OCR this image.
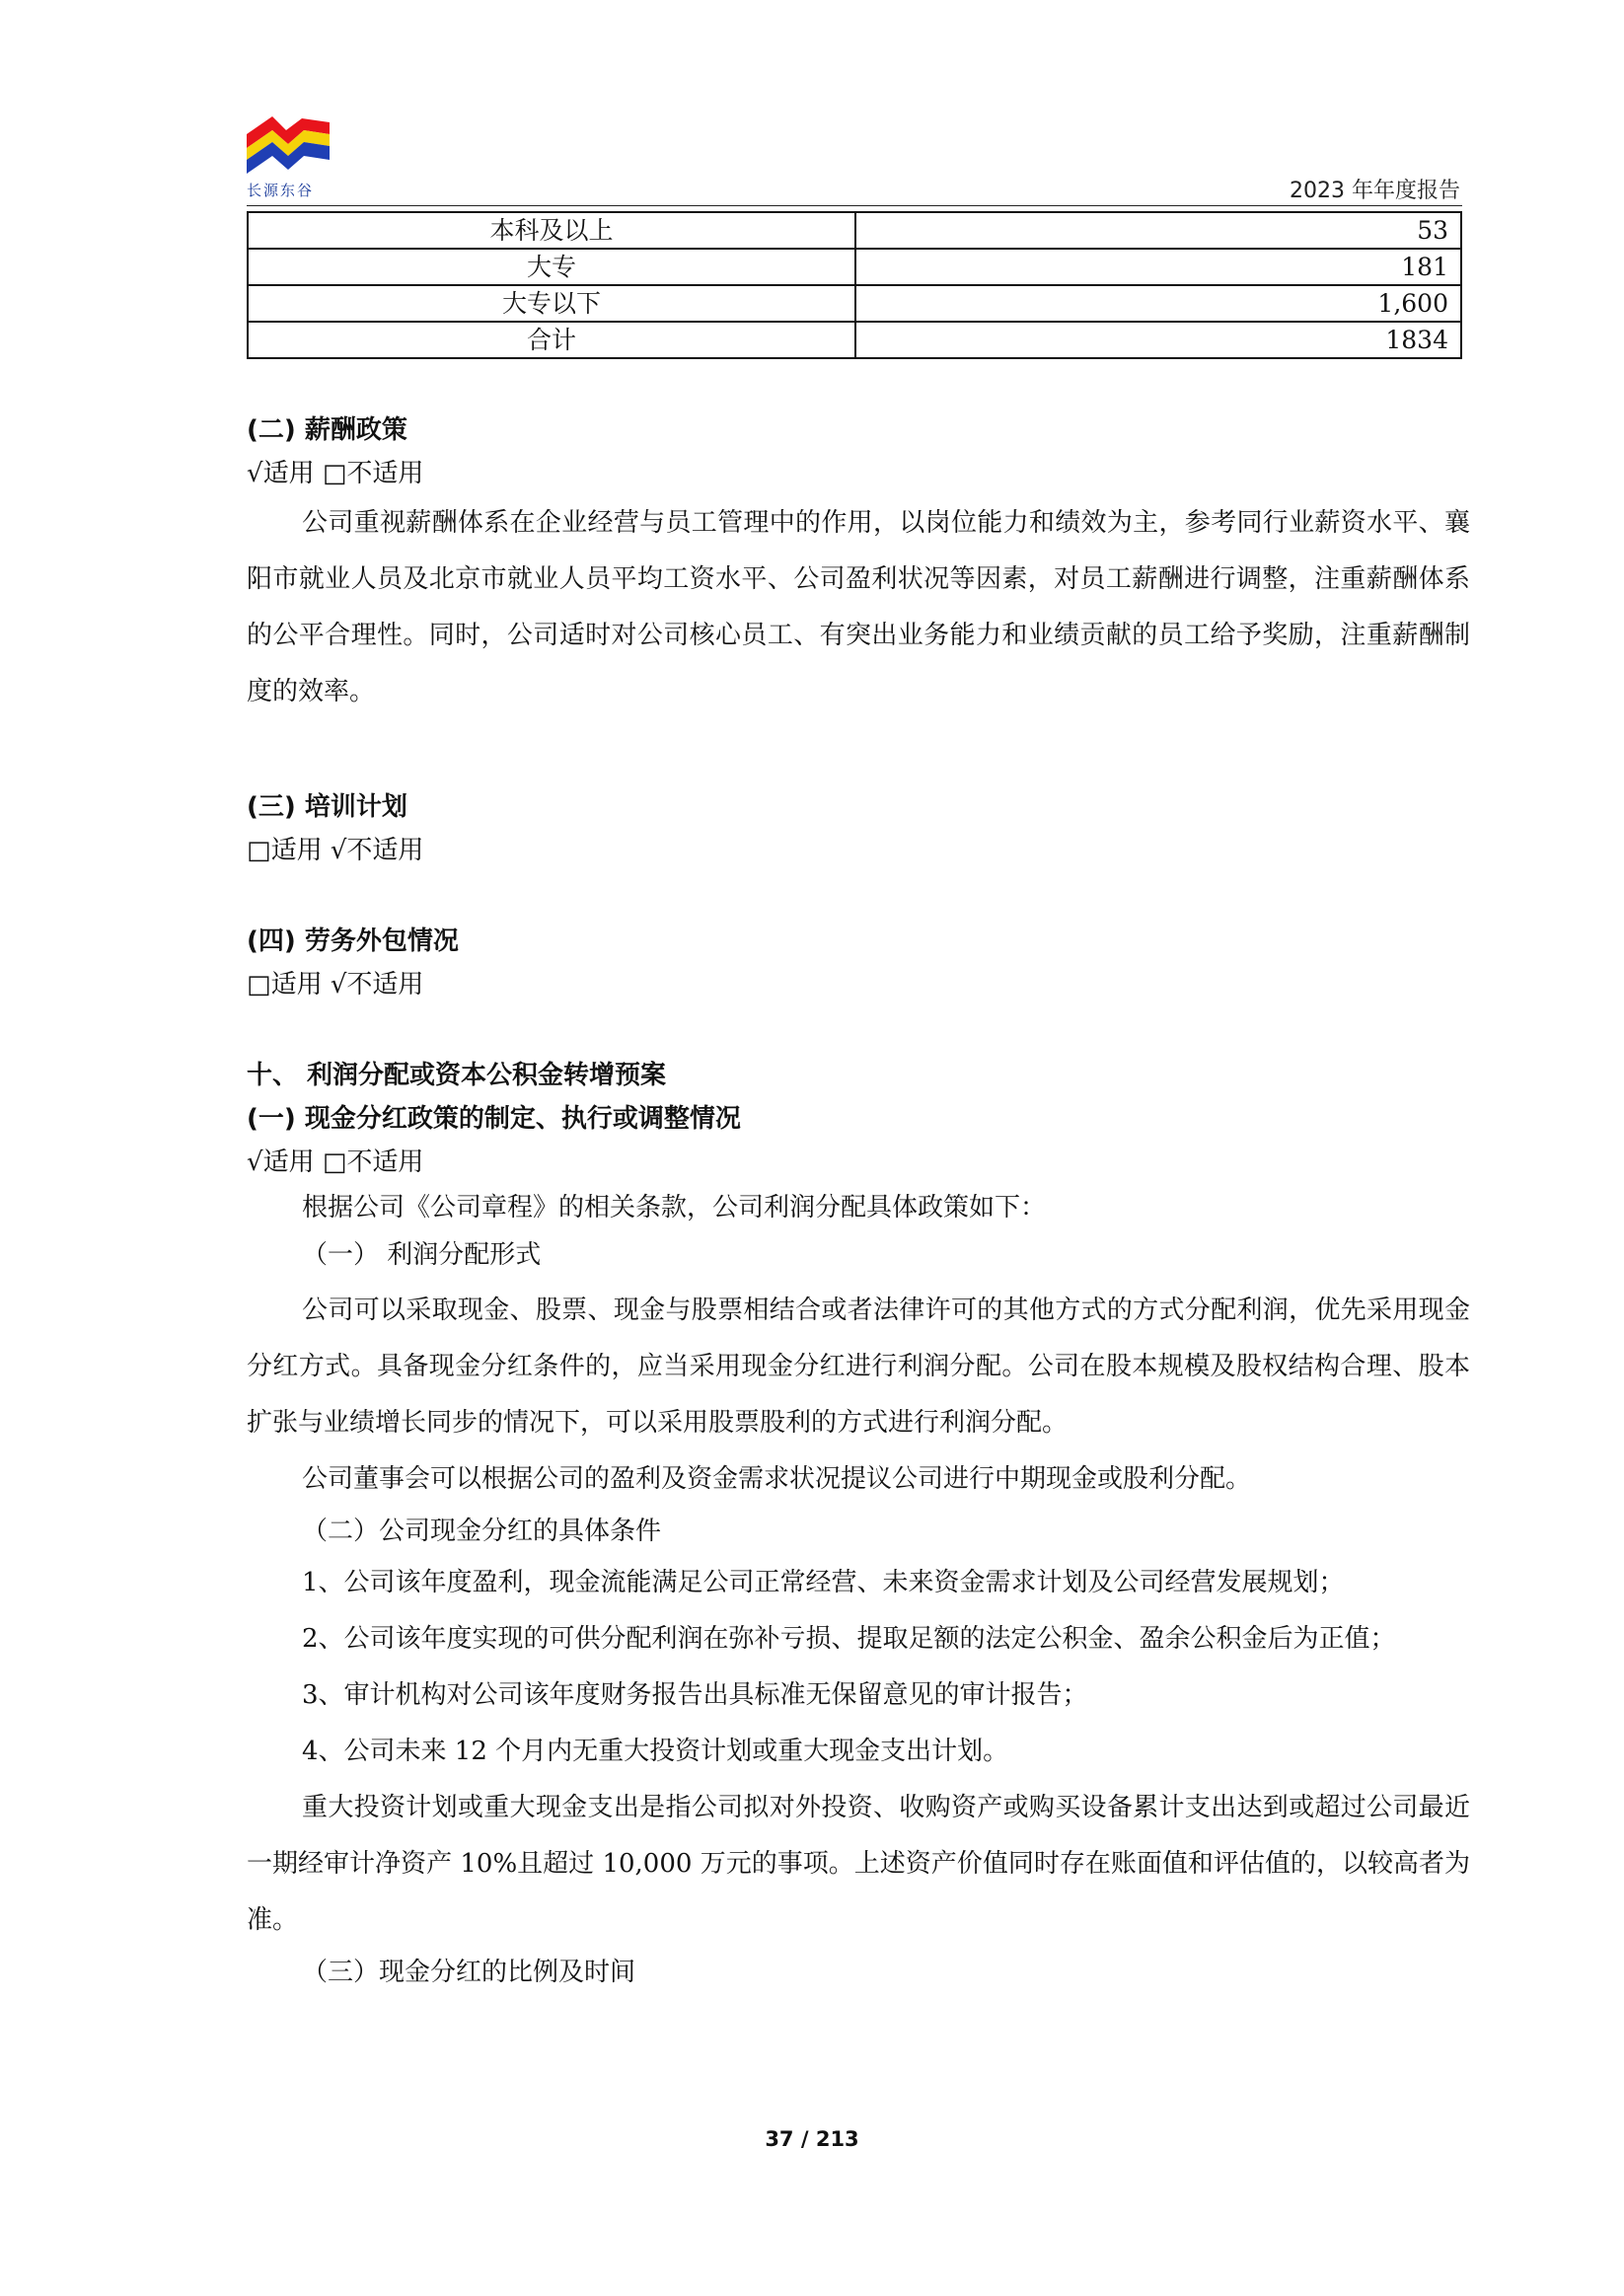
长源东谷	2023 年年度报告
本科及以上	53
大专	181
大专以下	1,600
合计	1834
(二) 薪酬政策
√适用 □不适用

公司重视薪酬体系在企业经营与员工管理中的作用，以岗位能力和绩效为主，参考同行业薪资水平、襄阳市就业人员及北京市就业人员平均工资水平、公司盈利状况等因素，对员工薪酬进行调整，注重薪酬体系的公平合理性。同时，公司适时对公司核心员工、有突出业务能力和业绩贡献的员工给予奖励，注重薪酬制度的效率。

(三) 培训计划
□适用 √不适用
(四) 劳务外包情况
□适用 √不适用
十、 利润分配或资本公积金转增预案
(一) 现金分红政策的制定、执行或调整情况
√适用 □不适用
根据公司《公司章程》的相关条款，公司利润分配具体政策如下：
（一） 利润分配形式

公司可以采取现金、股票、现金与股票相结合或者法律许可的其他方式的方式分配利润，优先采用现金分红方式。具备现金分红条件的，应当采用现金分红进行利润分配。公司在股本规模及股权结构合理、股本扩张与业绩增长同步的情况下，可以采用股票股利的方式进行利润分配。

公司董事会可以根据公司的盈利及资金需求状况提议公司进行中期现金或股利分配。
（二）公司现金分红的具体条件
1、公司该年度盈利，现金流能满足公司正常经营、未来资金需求计划及公司经营发展规划；

2、公司该年度实现的可供分配利润在弥补亏损、提取足额的法定公积金、盈余公积金后为正值；

3、审计机构对公司该年度财务报告出具标准无保留意见的审计报告；
4、公司未来 12 个月内无重大投资计划或重大现金支出计划。

重大投资计划或重大现金支出是指公司拟对外投资、收购资产或购买设备累计支出达到或超过公司最近一期经审计净资产 10%且超过 10,000 万元的事项。上述资产价值同时存在账面值和评估值的，以较高者为准。

（三）现金分红的比例及时间
37 / 213
